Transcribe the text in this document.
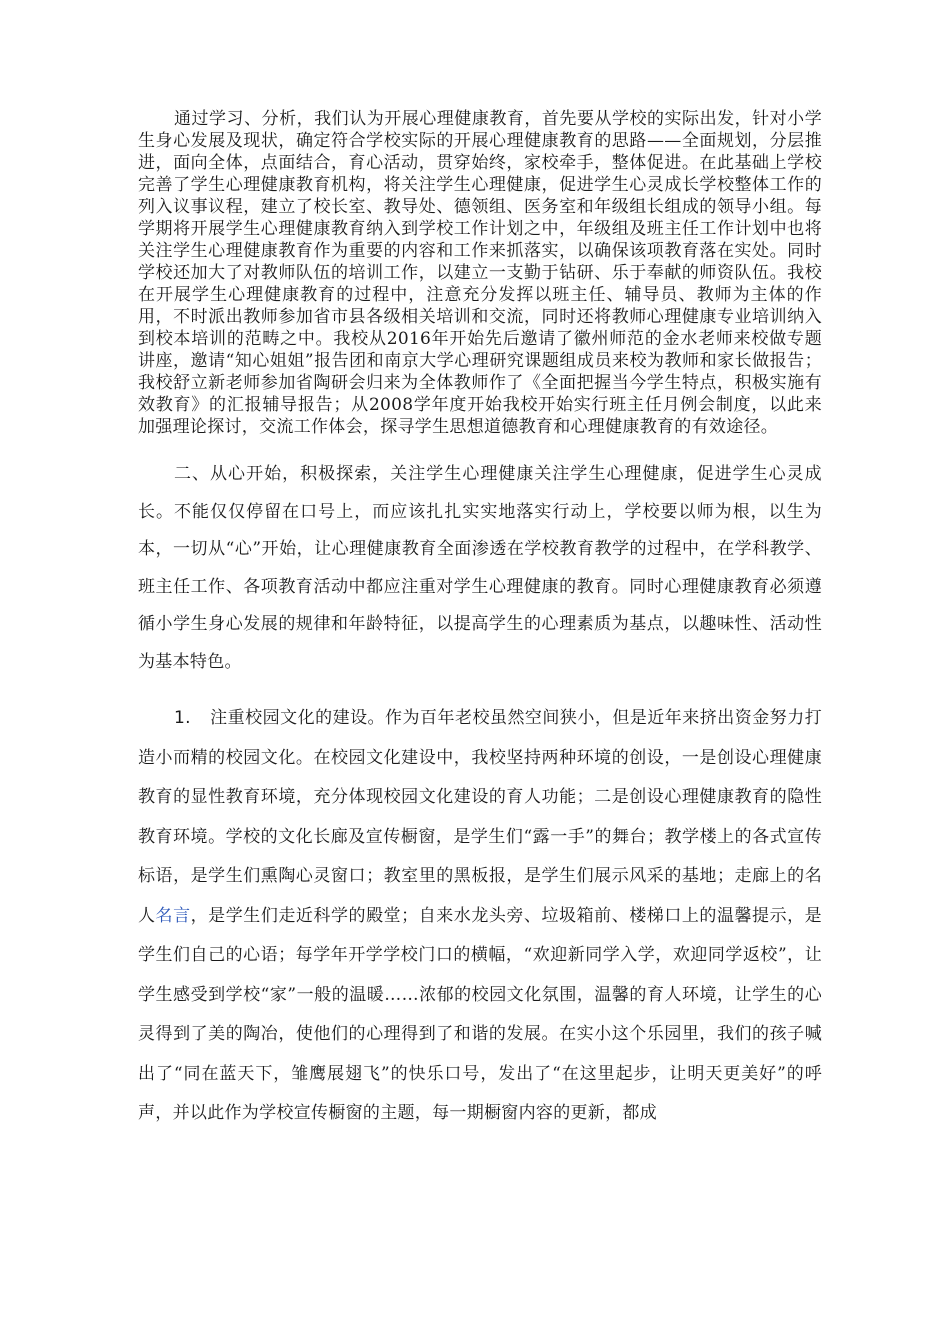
通过学习、分析，我们认为开展心理健康教育，首先要从学校的实际出发，针对小学生身心发展及现状，确定符合学校实际的开展心理健康教育的思路——全面规划，分层推进，面向全体，点面结合，育心活动，贯穿始终，家校牵手，整体促进。在此基础上学校完善了学生心理健康教育机构，将关注学生心理健康，促进学生心灵成长学校整体工作的列入议事议程，建立了校长室、教导处、德领组、医务室和年级组长组成的领导小组。每学期将开展学生心理健康教育纳入到学校工作计划之中，年级组及班主任工作计划中也将关注学生心理健康教育作为重要的内容和工作来抓落实，以确保该项教育落在实处。同时学校还加大了对教师队伍的培训工作，以建立一支勤于钻研、乐于奉献的师资队伍。我校在开展学生心理健康教育的过程中，注意充分发挥以班主任、辅导员、教师为主体的作用，不时派出教师参加省市县各级相关培训和交流，同时还将教师心理健康专业培训纳入到校本培训的范畴之中。我校从2016年开始先后邀请了徽州师范的金水老师来校做专题讲座，邀请“知心姐姐”报告团和南京大学心理研究课题组成员来校为教师和家长做报告；我校舒立新老师参加省陶研会归来为全体教师作了《全面把握当今学生特点，积极实施有效教育》的汇报辅导报告；从2008学年度开始我校开始实行班主任月例会制度，以此来加强理论探讨，交流工作体会，探寻学生思想道德教育和心理健康教育的有效途径。

二、从心开始，积极探索，关注学生心理健康关注学生心理健康，促进学生心灵成长。不能仅仅停留在口号上，而应该扎扎实实地落实行动上，学校要以师为根，以生为本，一切从“心”开始，让心理健康教育全面渗透在学校教育教学的过程中，在学科教学、班主任工作、各项教育活动中都应注重对学生心理健康的教育。同时心理健康教育必须遵循小学生身心发展的规律和年龄特征，以提高学生的心理素质为基点，以趣味性、活动性为基本特色。

1. 注重校园文化的建设。作为百年老校虽然空间狭小，但是近年来挤出资金努力打造小而精的校园文化。在校园文化建设中，我校坚持两种环境的创设，一是创设心理健康教育的显性教育环境，充分体现校园文化建设的育人功能；二是创设心理健康教育的隐性教育环境。学校的文化长廊及宣传橱窗，是学生们“露一手”的舞台；教学楼上的各式宣传标语，是学生们熏陶心灵窗口；教室里的黑板报，是学生们展示风采的基地；走廊上的名人名言，是学生们走近科学的殿堂；自来水龙头旁、垃圾箱前、楼梯口上的温馨提示，是学生们自己的心语；每学年开学学校门口的横幅，“欢迎新同学入学，欢迎同学返校”，让学生感受到学校“家”一般的温暖……浓郁的校园文化氛围，温馨的育人环境，让学生的心灵得到了美的陶冶，使他们的心理得到了和谐的发展。在实小这个乐园里，我们的孩子喊出了“同在蓝天下，雏鹰展翅飞”的快乐口号，发出了“在这里起步，让明天更美好”的呼声，并以此作为学校宣传橱窗的主题，每一期橱窗内容的更新，都成
